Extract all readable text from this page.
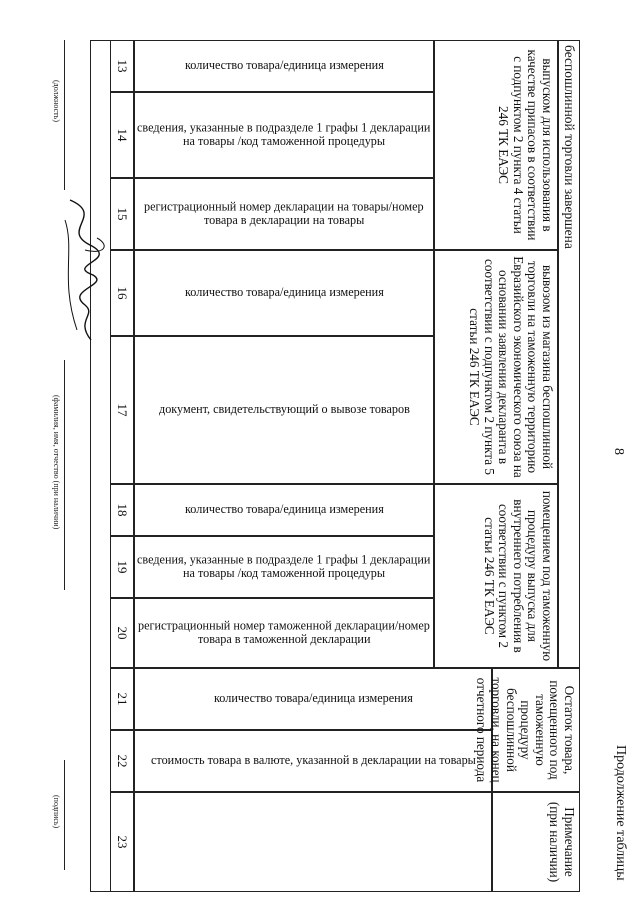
8
Продолжение таблицы
беспошлинной торговли завершена
Остаток товара, помещенного под таможенную процедуру беспошлинной торговли, на конец отчетного периода
Примечание (при наличии)
выпуском для использования в качестве припасов в соответствии с подпунктом 2 пункта 4 статьи 246 ТК ЕАЭС
вывозом из магазина беспошлинной торговли на таможенную территорию Евразийского экономического союза на основании заявления декларанта в соответствии с подпунктом 2 пункта 5 статьи 246 ТК ЕАЭС
помещением под таможенную процедуру выпуска для внутреннего потребления в соответствии с пунктом 2 статьи 246 ТК ЕАЭС
количество товара/единица измерения
сведения, указанные в подразделе 1 графы 1 декларации на товары /код таможенной процедуры
регистрационный номер декларации на товары/номер товара в декларации на товары
количество товара/единица измерения
документ, свидетельствующий о вывозе товаров
количество товара/единица измерения
сведения, указанные в подразделе 1 графы 1 декларации на товары /код таможенной процедуры
регистрационный номер таможенной декларации/номер товара в таможенной декларации
количество товара/единица измерения
стоимость товара в валюте, указанной в декларации на товары
13
14
15
16
17
18
19
20
21
22
23
(должность)
(фамилия, имя, отчество (при наличии)
(подпись)
